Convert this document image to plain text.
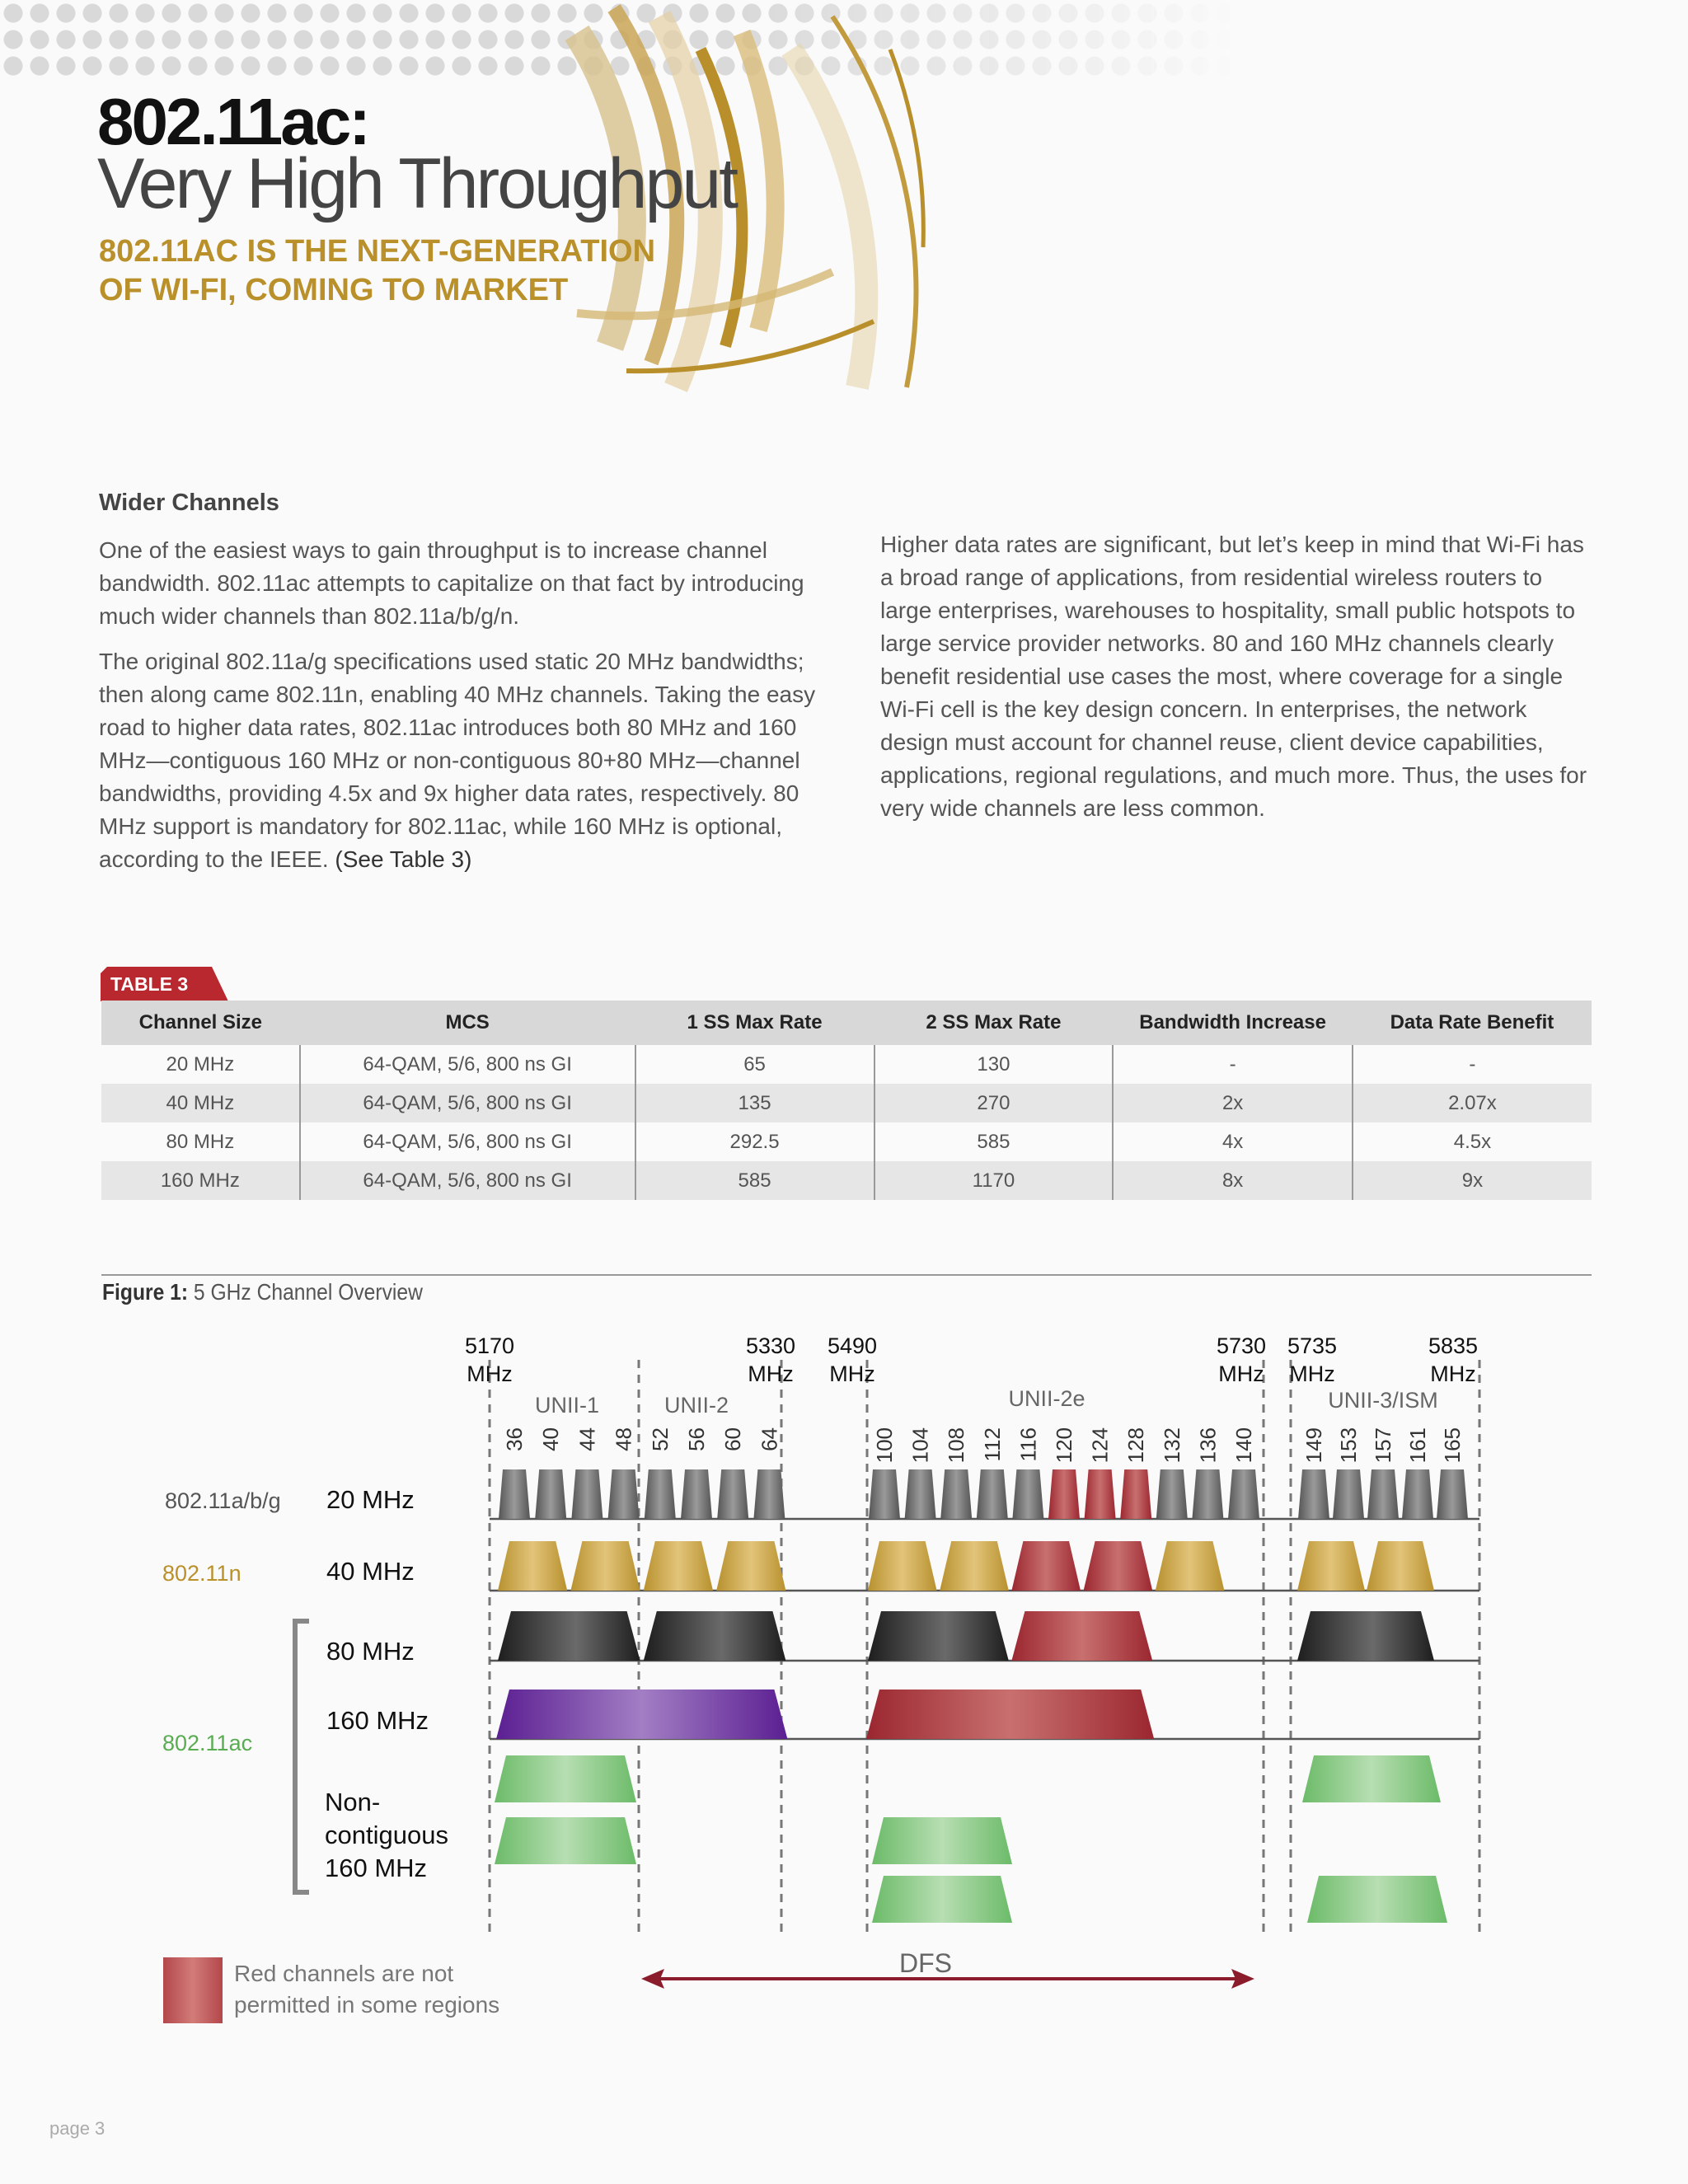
802.11ac:
Very High Throughput
802.11AC IS THE NEXT-GENERATION
OF WI-FI, COMING TO MARKET
Wider Channels

One of the easiest ways to gain throughput is to increase channel bandwidth. 802.11ac attempts to capitalize on that fact by introducing much wider channels than 802.11a/b/g/n.

The original 802.11a/g specifications used static 20 MHz bandwidths; then along came 802.11n, enabling 40 MHz channels. Taking the easy road to higher data rates, 802.11ac introduces both 80 MHz and 160 MHz—contiguous 160 MHz or non-contiguous 80+80 MHz—channel bandwidths, providing 4.5x and 9x higher data rates, respectively. 80 MHz support is mandatory for 802.11ac, while 160 MHz is optional, according to the IEEE. (See Table 3)

Higher data rates are significant, but let’s keep in mind that Wi-Fi has a broad range of applications, from residential wireless routers to large enterprises, warehouses to hospitality, small public hotspots to large service provider networks. 80 and 160 MHz channels clearly benefit residential use cases the most, where coverage for a single Wi-Fi cell is the key design concern. In enterprises, the network design must account for channel reuse, client device capabilities, applications, regional regulations, and much more. Thus, the uses for very wide channels are less common.

TABLE 3
Channel Size	MCS	1 SS Max Rate	2 SS Max Rate	Bandwidth Increase	Data Rate Benefit
20 MHz	64-QAM, 5/6, 800 ns GI	65	130	-	-
40 MHz	64-QAM, 5/6, 800 ns GI	135	270	2x	2.07x
80 MHz	64-QAM, 5/6, 800 ns GI	292.5	585	4x	4.5x
160 MHz	64-QAM, 5/6, 800 ns GI	585	1170	8x	9x
Figure 1: 5 GHz Channel Overview
5170
MHz
5330
MHz
5490
MHz
5730
MHz
5735
MHz
5835
MHz
UNII-1	UNII-2	UNII-2e	UNII-3/ISM
36 40 44 48 52 56 60 64	100 104 108 112 116 120 124 128 132 136 140 149 153 157 161 165
802.11a/b/g
802.11n
802.11ac
20 MHz
40 MHz
80 MHz
160 MHz
Non-
contiguous
160 MHz
Red channels are not
permitted in some regions
DFS
page 3
